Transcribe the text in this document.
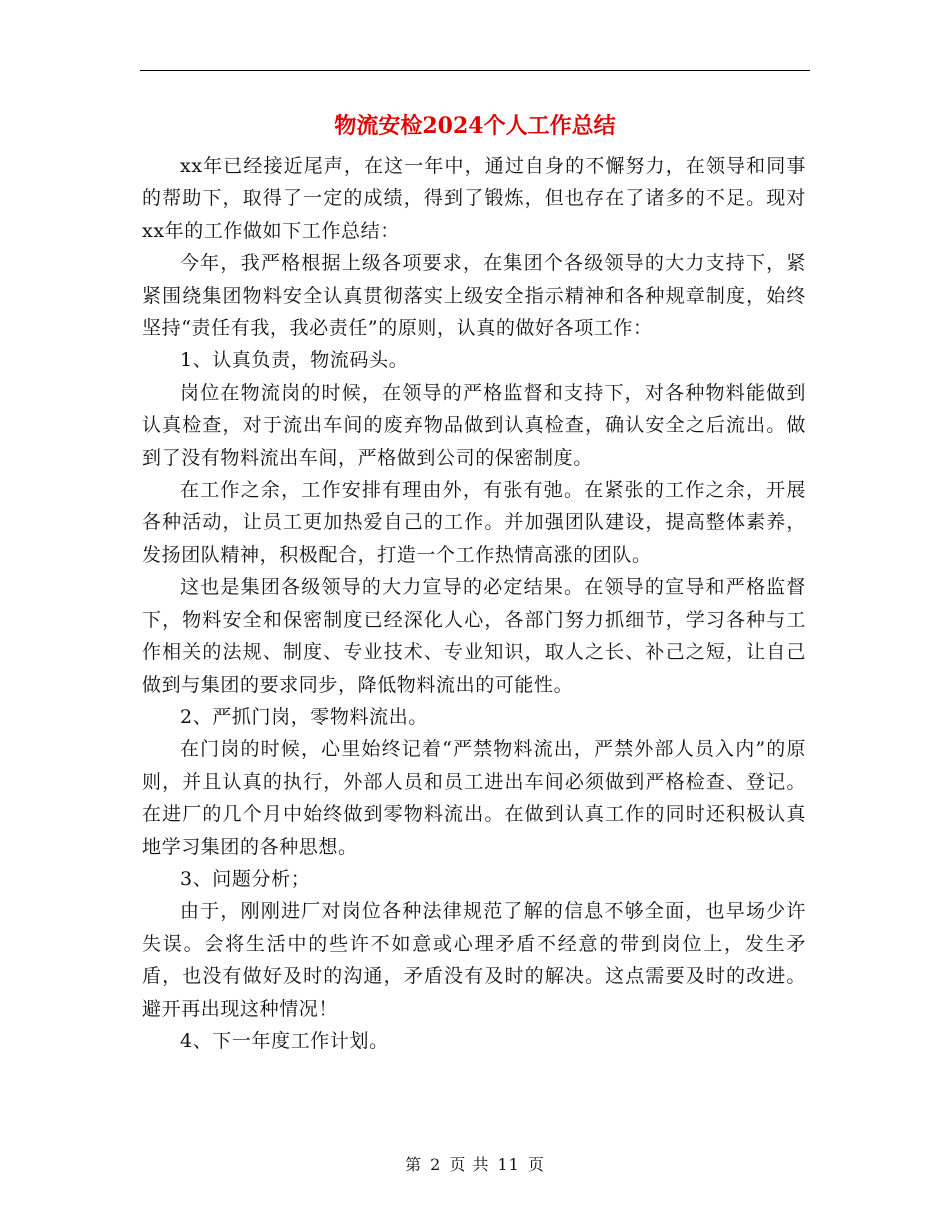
物流安检2024个人工作总结

xx年已经接近尾声，在这一年中，通过自身的不懈努力，在领导和同事的帮助下，取得了一定的成绩，得到了锻炼，但也存在了诸多的不足。现对xx年的工作做如下工作总结：

今年，我严格根据上级各项要求，在集团个各级领导的大力支持下，紧紧围绕集团物料安全认真贯彻落实上级安全指示精神和各种规章制度，始终坚持“责任有我，我必责任”的原则，认真的做好各项工作：

1、认真负责，物流码头。

岗位在物流岗的时候，在领导的严格监督和支持下，对各种物料能做到认真检查，对于流出车间的废弃物品做到认真检查，确认安全之后流出。做到了没有物料流出车间，严格做到公司的保密制度。

在工作之余，工作安排有理由外，有张有弛。在紧张的工作之余，开展各种活动，让员工更加热爱自己的工作。并加强团队建设，提高整体素养，发扬团队精神，积极配合，打造一个工作热情高涨的团队。

这也是集团各级领导的大力宣导的必定结果。在领导的宣导和严格监督下，物料安全和保密制度已经深化人心，各部门努力抓细节，学习各种与工作相关的法规、制度、专业技术、专业知识，取人之长、补己之短，让自己做到与集团的要求同步，降低物料流出的可能性。

2、严抓门岗，零物料流出。

在门岗的时候，心里始终记着“严禁物料流出，严禁外部人员入内”的原则，并且认真的执行，外部人员和员工进出车间必须做到严格检查、登记。在进厂的几个月中始终做到零物料流出。在做到认真工作的同时还积极认真地学习集团的各种思想。

3、问题分析；

由于，刚刚进厂对岗位各种法律规范了解的信息不够全面，也早场少许失误。会将生活中的些许不如意或心理矛盾不经意的带到岗位上，发生矛盾，也没有做好及时的沟通，矛盾没有及时的解决。这点需要及时的改进。避开再出现这种情况！

4、下一年度工作计划。

第 2 页 共 11 页
